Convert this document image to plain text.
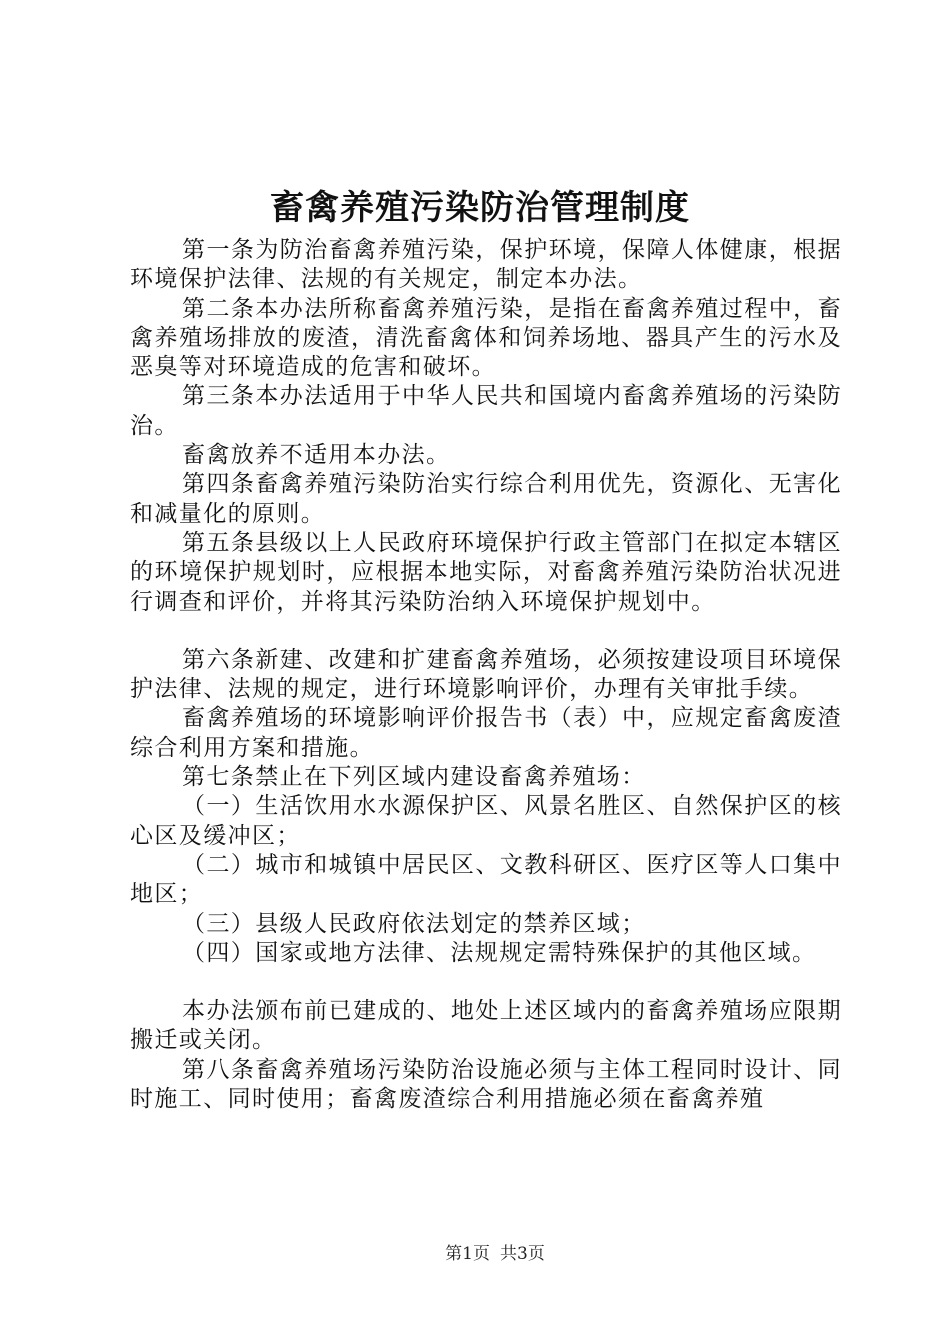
畜禽养殖污染防治管理制度

第一条为防治畜禽养殖污染，保护环境，保障人体健康，根据环境保护法律、法规的有关规定，制定本办法。

第二条本办法所称畜禽养殖污染，是指在畜禽养殖过程中，畜禽养殖场排放的废渣，清洗畜禽体和饲养场地、器具产生的污水及恶臭等对环境造成的危害和破坏。

第三条本办法适用于中华人民共和国境内畜禽养殖场的污染防治。

畜禽放养不适用本办法。

第四条畜禽养殖污染防治实行综合利用优先，资源化、无害化和减量化的原则。

第五条县级以上人民政府环境保护行政主管部门在拟定本辖区的环境保护规划时，应根据本地实际，对畜禽养殖污染防治状况进行调查和评价，并将其污染防治纳入环境保护规划中。

第六条新建、改建和扩建畜禽养殖场，必须按建设项目环境保护法律、法规的规定，进行环境影响评价，办理有关审批手续。

畜禽养殖场的环境影响评价报告书（表）中，应规定畜禽废渣综合利用方案和措施。

第七条禁止在下列区域内建设畜禽养殖场：

（一）生活饮用水水源保护区、风景名胜区、自然保护区的核心区及缓冲区；

（二）城市和城镇中居民区、文教科研区、医疗区等人口集中地区；

（三）县级人民政府依法划定的禁养区域；

（四）国家或地方法律、法规规定需特殊保护的其他区域。

本办法颁布前已建成的、地处上述区域内的畜禽养殖场应限期搬迁或关闭。

第八条畜禽养殖场污染防治设施必须与主体工程同时设计、同时施工、同时使用；畜禽废渣综合利用措施必须在畜禽养殖

第1页 共3页
